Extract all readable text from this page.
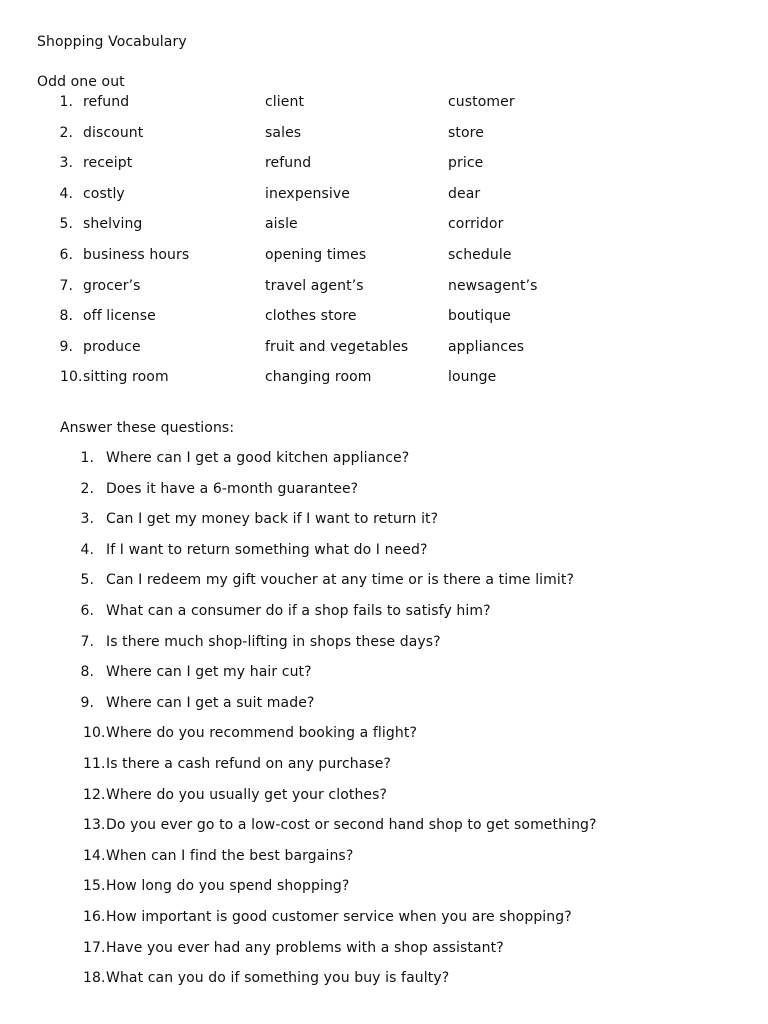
Shopping Vocabulary
Odd one out
1. refund	client	customer
2. discount	sales	store
3. receipt	refund	price
4. costly	inexpensive	dear
5. shelving	aisle	corridor
6. business hours	opening times	schedule
7. grocer’s	travel agent’s	newsagent’s
8. off license	clothes store	boutique
9. produce	fruit and vegetables	appliances
10. sitting room	changing room	lounge
Answer these questions:
1. Where can I get a good kitchen appliance?
2. Does it have a 6-month guarantee?
3. Can I get my money back if I want to return it?
4. If I want to return something what do I need?
5. Can I redeem my gift voucher at any time or is there a time limit?
6. What can a consumer do if a shop fails to satisfy him?
7. Is there much shop-lifting in shops these days?
8. Where can I get my hair cut?
9. Where can I get a suit made?
10. Where do you recommend booking a flight?
11. Is there a cash refund on any purchase?
12. Where do you usually get your clothes?
13. Do you ever go to a low-cost or second hand shop to get something?
14. When can I find the best bargains?
15. How long do you spend shopping?
16. How important is good customer service when you are shopping?
17. Have you ever had any problems with a shop assistant?
18. What can you do if something you buy is faulty?
